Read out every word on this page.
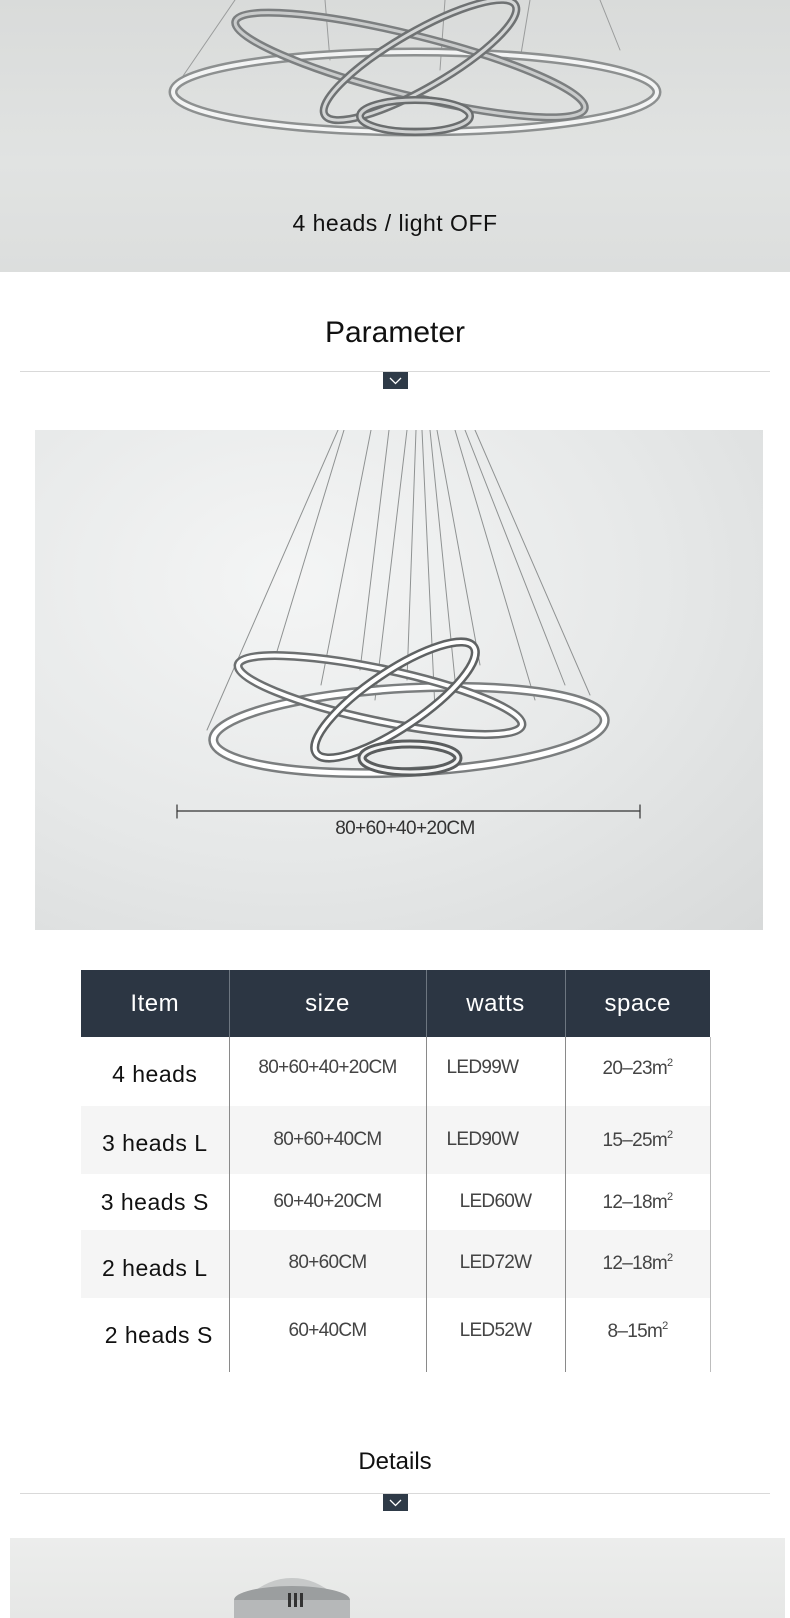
4 heads / light OFF
Parameter
80+60+40+20CM
Item	size	watts	space
4 heads	80+60+40+20CM	LED99W	$20-23m^2$
3 heads L	80+60+40CM	LED90W	$15-25m^2$
3 heads S	60+40+20CM	LED60W	$12-18m^2$
2 heads L	80+60CM	LED72W	$12-18m^2$
2 heads S	60+40CM	LED52W	$8-15m^2$
Details
